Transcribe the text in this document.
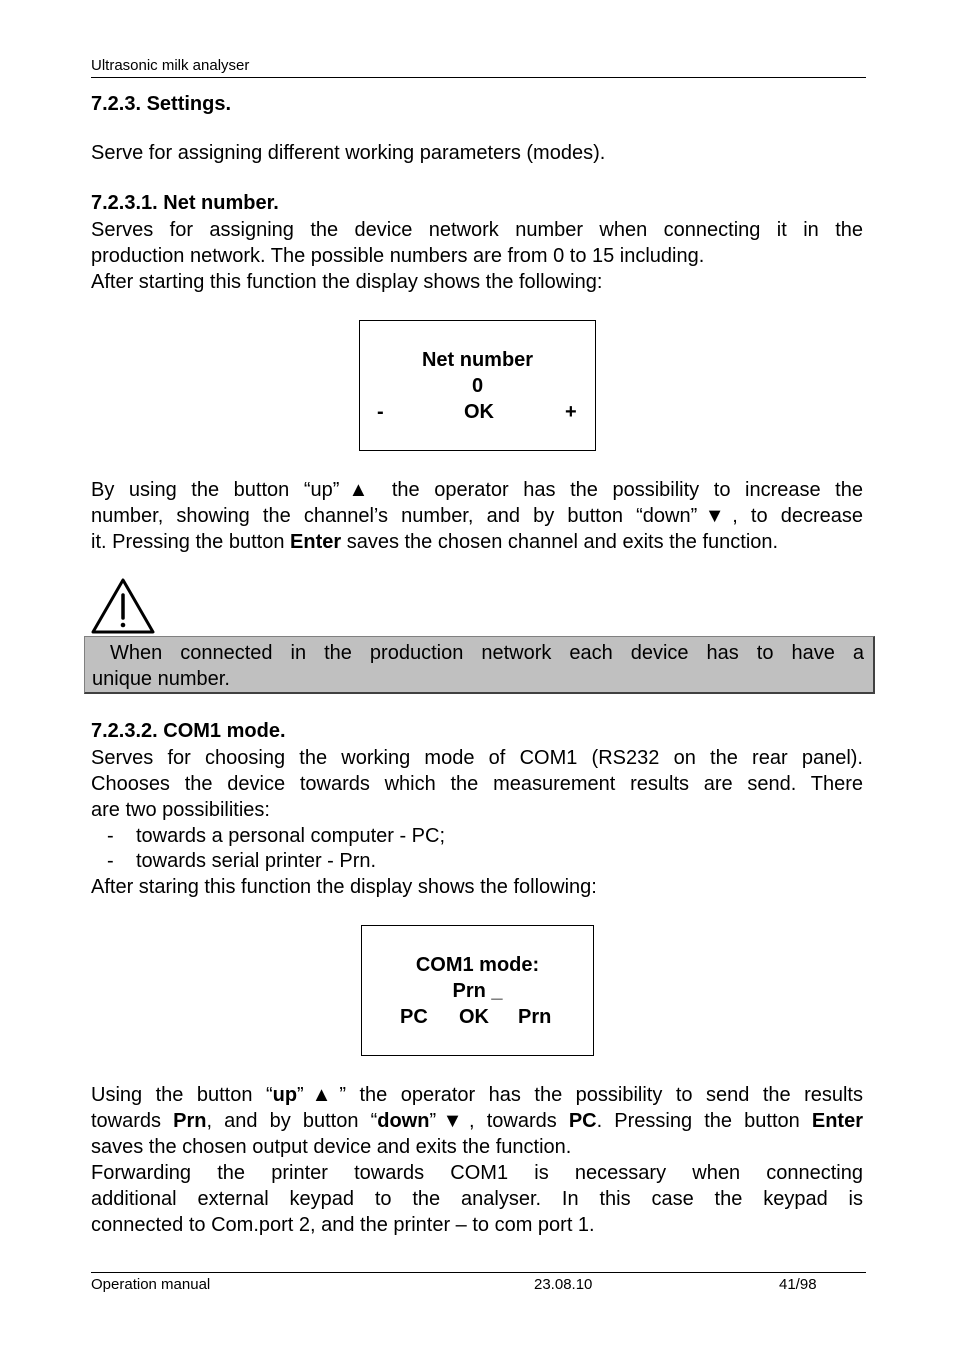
Ultrasonic milk analyser
7.2.3. Settings.
Serve for assigning different working parameters (modes).
7.2.3.1. Net number.
Serves for assigning the device network number when connecting it in the
production network. The possible numbers are from 0 to 15 including.
After starting this function the display shows the following:
Net number
0
-	OK	+
By using the button “up”▲ the operator has the possibility to increase the
number, showing the channel’s number, and by button “down”▼, to decrease
it. Pressing the button Enter saves the chosen channel and exits the function.
When connected in the production network each device has to have a
unique number.
7.2.3.2. COM1 mode.
Serves for choosing the working mode of COM1 (RS232 on the rear panel).
Chooses the device towards which the measurement results are send. There
are two possibilities:
- towards a personal computer - PC;
- towards serial printer - Prn.
After staring this function the display shows the following:
COM1 mode:
Prn _
PC OK Prn
Using the button “up”▲” the operator has the possibility to send the results
towards Prn, and by button “down”▼, towards PC. Pressing the button Enter
saves the chosen output device and exits the function.
Forwarding the printer towards COM1 is necessary when connecting
additional external keypad to the analyser. In this case the keypad is
connected to Com.port 2, and the printer – to com port 1.
Operation manual	23.08.10	41/98
